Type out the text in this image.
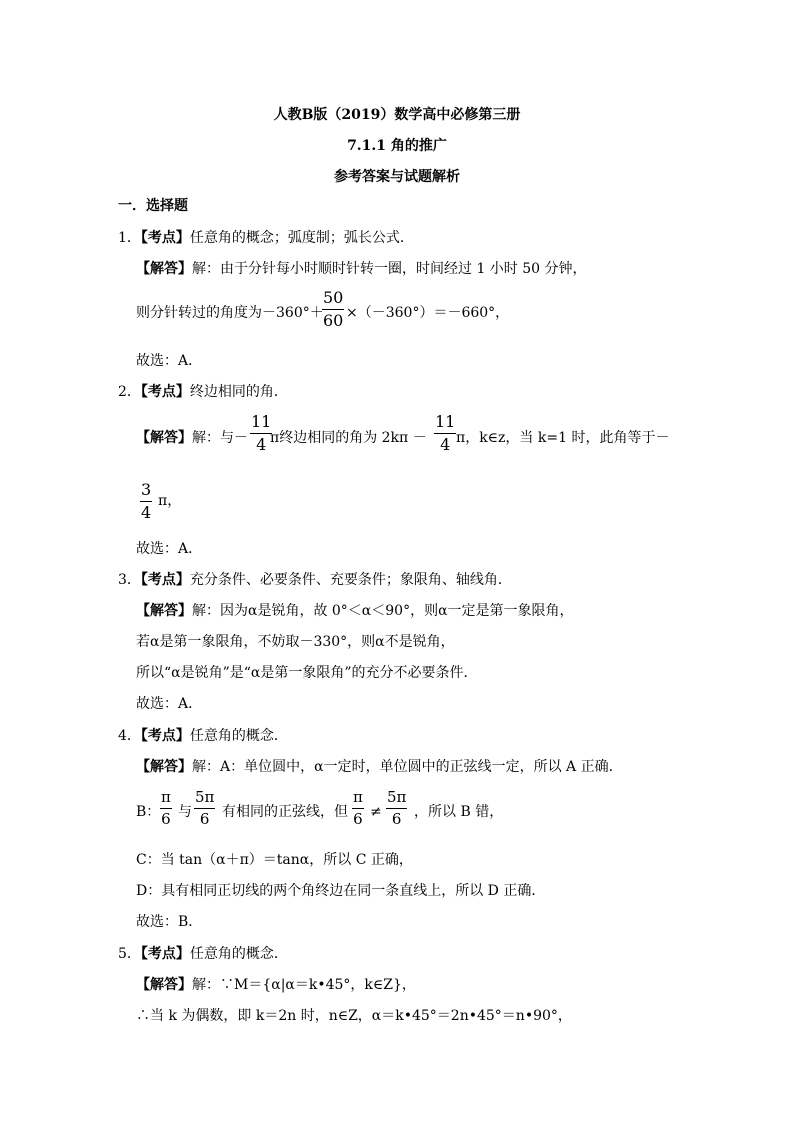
人教B版（2019）数学高中必修第三册
7.1.1 角的推广
参考答案与试题解析
一．选择题
1．【考点】任意角的概念；弧度制；弧长公式．
【解答】解：由于分针每小时顺时针转一圈，时间经过 1 小时 50 分钟，
则分针转过的角度为－360°＋
50
60 ×（－360°）＝－660°，
故选：A．
2．【考点】终边相同的角．
【解答】解：与－
11
4 π终边相同的角为 2kπ －
11
4 π，k∈z，当 k=1 时，此角等于－
3
4
π，
故选：A．
3．【考点】充分条件、必要条件、充要条件；象限角、轴线角．
【解答】解：因为α是锐角，故 0°＜α＜90°，则α一定是第一象限角，
若α是第一象限角，不妨取－330°，则α不是锐角，
所以“α是锐角”是“α是第一象限角”的充分不必要条件．
故选：A．
4．【考点】任意角的概念．
【解答】解：A：单位圆中，α一定时，单位圆中的正弦线一定，所以 A 正确．
B：
π
6 与
5π
6 有相同的正弦线，但
π
6 ≠
5π
6 ，所以 B 错，
C：当 tan（α＋π）＝tanα，所以 C 正确，
D：具有相同正切线的两个角终边在同一条直线上，所以 D 正确．
故选：B．
5．【考点】任意角的概念．
【解答】解：∵M＝{α|α＝k•45°，k∈Z}，
∴当 k 为偶数，即 k＝2n 时，n∈Z，α＝k•45°＝2n•45°＝n•90°，
